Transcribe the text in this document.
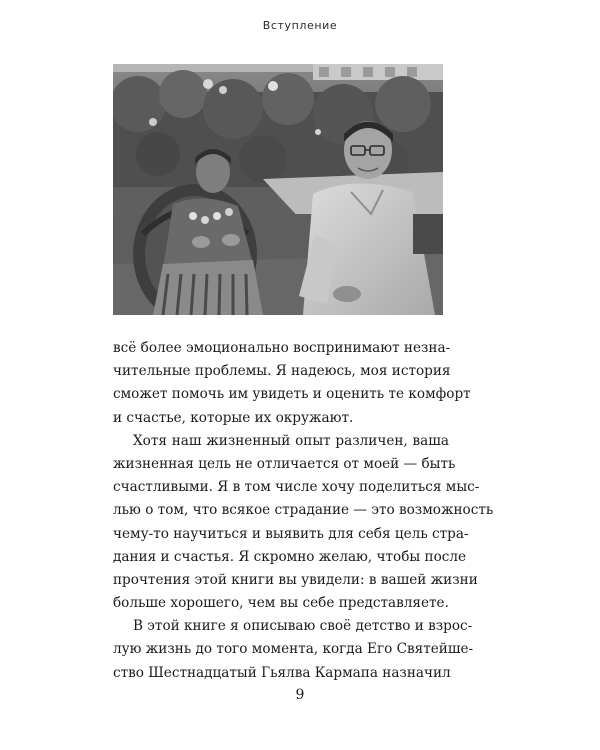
Вступление

всё более эмоционально воспринимают незна-
чительные проблемы. Я надеюсь, моя история
сможет помочь им увидеть и оценить те комфорт
и счастье, которые их окружают.

Хотя наш жизненный опыт различен, ваша
жизненная цель не отличается от моей — быть
счастливыми. Я в том числе хочу поделиться мыс-
лью о том, что всякое страдание — это возможность
чему-то научиться и выявить для себя цель стра-
дания и счастья. Я скромно желаю, чтобы после
прочтения этой книги вы увидели: в вашей жизни
больше хорошего, чем вы себе представляете.

В этой книге я описываю своё детство и взрос-
лую жизнь до того момента, когда Его Святейше-
ство Шестнадцатый Гьялва Кармапа назначил

9
